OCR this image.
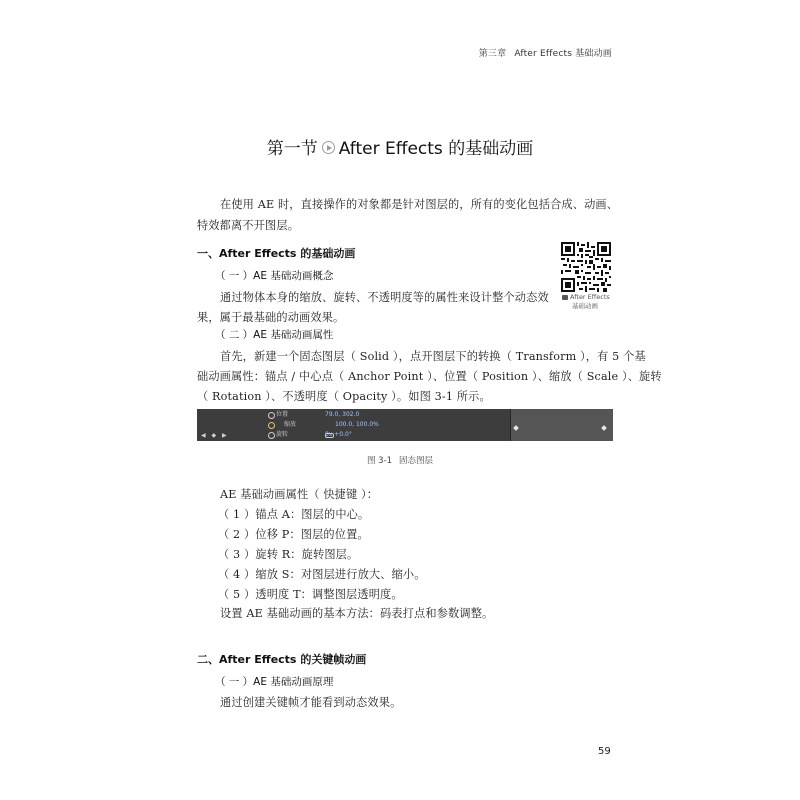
第三章 After Effects 基础动画
第一节 After Effects 的基础动画
在使用 AE 时，直接操作的对象都是针对图层的，所有的变化包括合成、动画、
特效都离不开图层。
一、After Effects 的基础动画
（ 一 ）AE 基础动画概念
通过物体本身的缩放、旋转、不透明度等的属性来设计整个动态效
果，属于最基础的动画效果。
After Effects
基础动画
（ 二 ）AE 基础动画属性
首先，新建一个固态图层（ Solid ），点开图层下的转换（ Transform ），有 5 个基
础动画属性：锚点 / 中心点（ Anchor Point ）、位置（ Position ）、缩放（ Scale ）、旋转
（ Rotation ）、不透明度（ Opacity ）。如图 3-1 所示。
位置	79.0, 302.0
◀ ◆ ▶
缩放	100.0, 100.0%
旋转	0x +0.0°
图 3-1 固态图层
AE 基础动画属性（ 快捷键 ）：
（ 1 ）锚点 A：图层的中心。
（ 2 ）位移 P：图层的位置。
（ 3 ）旋转 R：旋转图层。
（ 4 ）缩放 S：对图层进行放大、缩小。
（ 5 ）透明度 T：调整图层透明度。
设置 AE 基础动画的基本方法：码表打点和参数调整。
二、After Effects 的关键帧动画
（ 一 ）AE 基础动画原理
通过创建关键帧才能看到动态效果。
59
